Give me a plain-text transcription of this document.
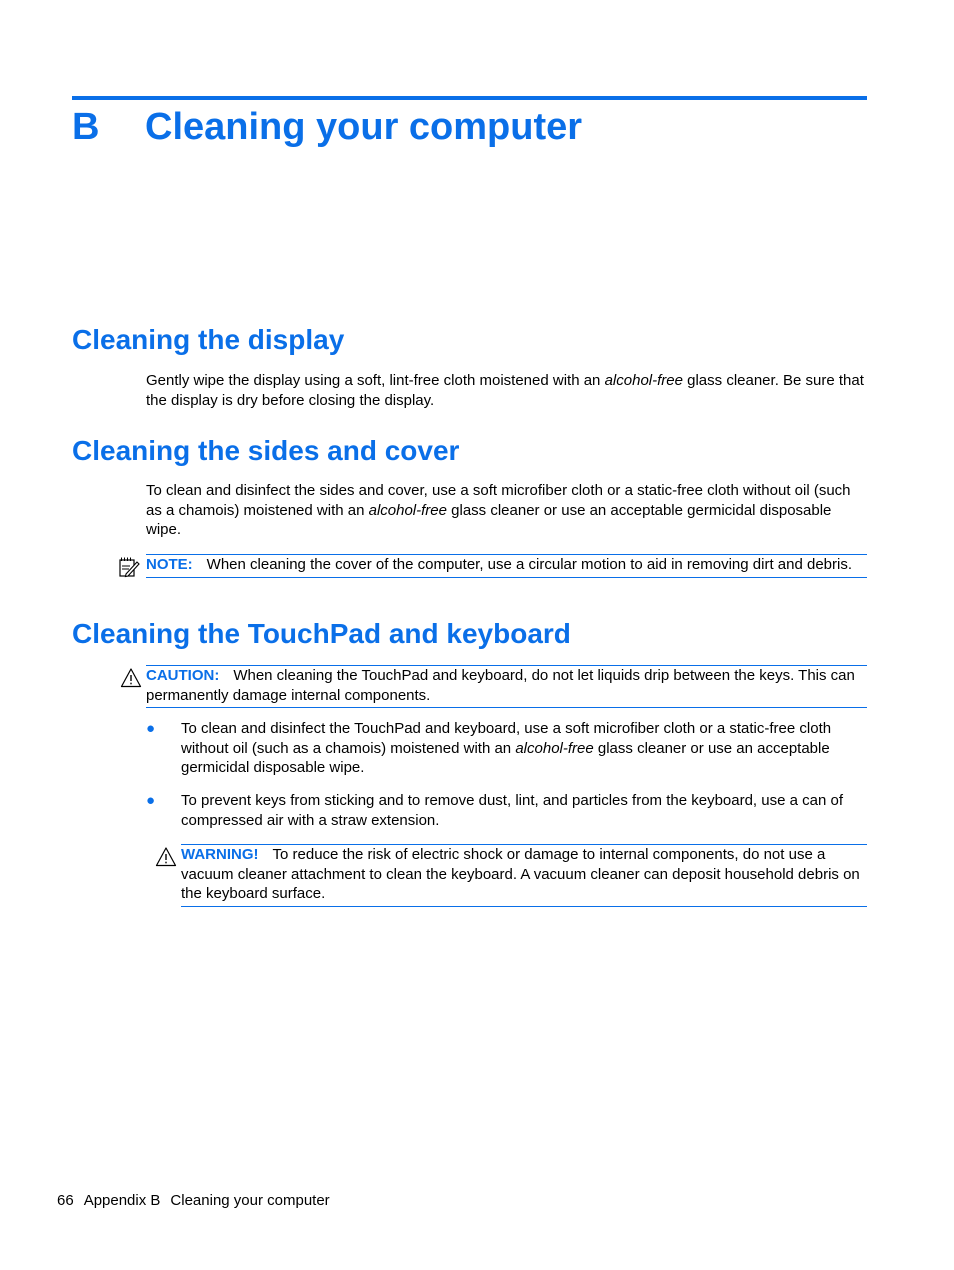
B Cleaning your computer
Cleaning the display

Gently wipe the display using a soft, lint-free cloth moistened with an alcohol-free glass cleaner. Be sure that the display is dry before closing the display.

Cleaning the sides and cover

To clean and disinfect the sides and cover, use a soft microfiber cloth or a static-free cloth without oil (such as a chamois) moistened with an alcohol-free glass cleaner or use an acceptable germicidal disposable wipe.

NOTE: When cleaning the cover of the computer, use a circular motion to aid in removing dirt and debris.
Cleaning the TouchPad and keyboard
CAUTION: When cleaning the TouchPad and keyboard, do not let liquids drip between the keys. This can permanently damage internal components.
● To clean and disinfect the TouchPad and keyboard, use a soft microfiber cloth or a static-free cloth without oil (such as a chamois) moistened with an alcohol-free glass cleaner or use an acceptable germicidal disposable wipe.

● To prevent keys from sticking and to remove dust, lint, and particles from the keyboard, use a can of compressed air with a straw extension.

WARNING! To reduce the risk of electric shock or damage to internal components, do not use a vacuum cleaner attachment to clean the keyboard. A vacuum cleaner can deposit household debris on the keyboard surface.
66 Appendix B Cleaning your computer
